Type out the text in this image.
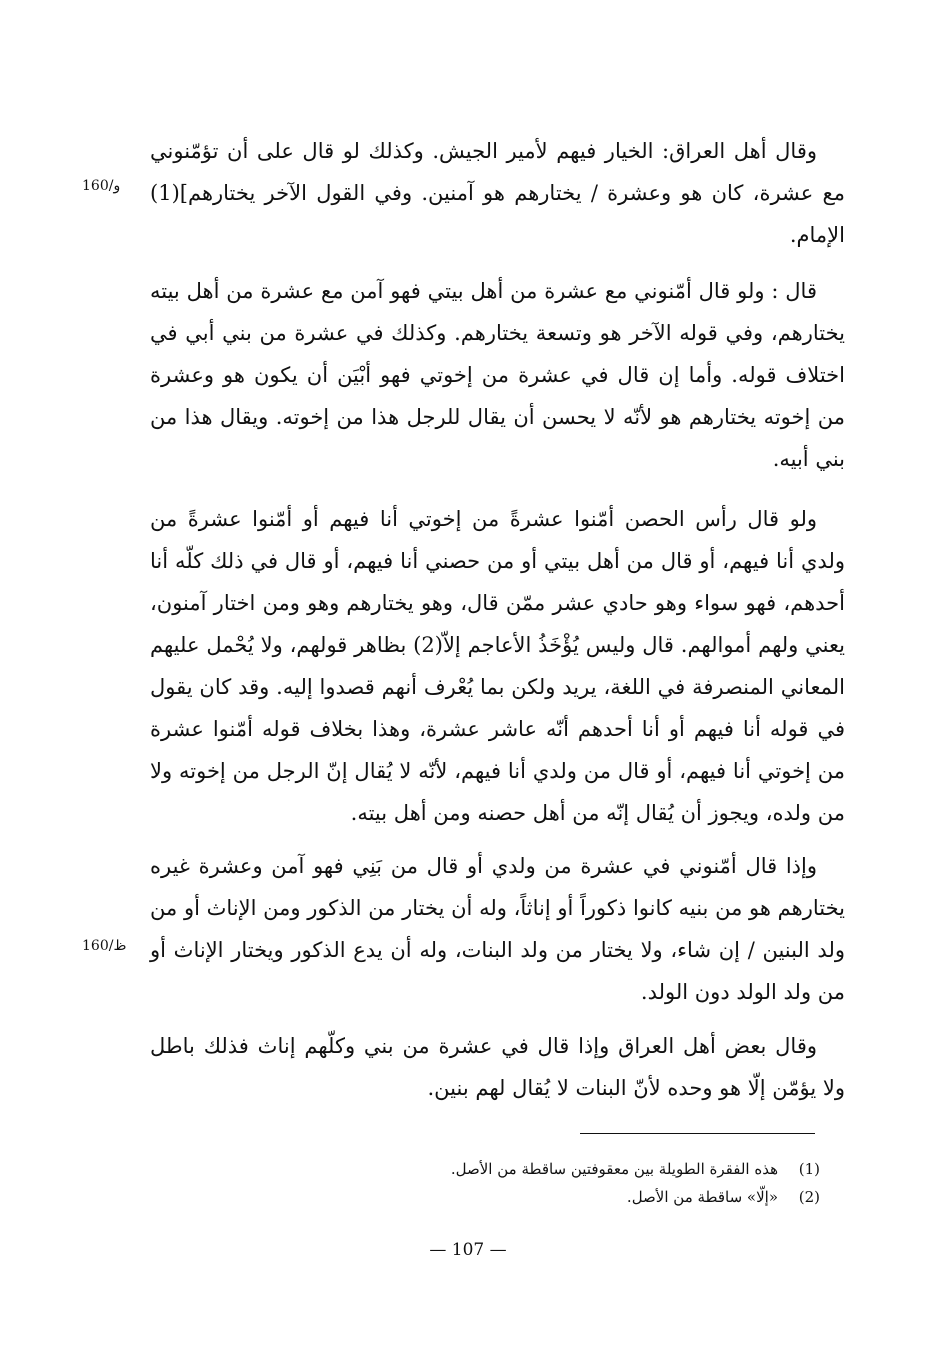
وقال أهل العراق: الخيار فيهم لأمير الجيش. وكذلك لو قال على أن تؤمّنوني مع عشرة، كان هو وعشرة / يختارهم هو آمنين. وفي القول الآخر يختارهم](1) الإمام.

قال : ولو قال أمّنوني مع عشرة من أهل بيتي فهو آمن مع عشرة من أهل بيته يختارهم، وفي قوله الآخر هو وتسعة يختارهم. وكذلك في عشرة من بني أبي في اختلاف قوله. وأما إن قال في عشرة من إخوتي فهو أبْيَن أن يكون هو وعشرة من إخوته يختارهم هو لأنّه لا يحسن أن يقال للرجل هذا من إخوته. ويقال هذا من بني أبيه.

ولو قال رأس الحصن أمّنوا عشرةً من إخوتي أنا فيهم أو أمّنوا عشرةً من ولدي أنا فيهم، أو قال من أهل بيتي أو من حصني أنا فيهم، أو قال في ذلك كلّه أنا أحدهم، فهو سواء وهو حادي عشر ممّن قال، وهو يختارهم وهو ومن اختار آمنون، يعني ولهم أموالهم. قال وليس يُؤْخَذُ الأعاجم إلاّ(2) بظاهر قولهم، ولا يُحْمل عليهم المعاني المنصرفة في اللغة، يريد ولكن بما يُعْرف أنهم قصدوا إليه. وقد كان يقول في قوله أنا فيهم أو أنا أحدهم أنّه عاشر عشرة، وهذا بخلاف قوله أمّنوا عشرة من إخوتي أنا فيهم، أو قال من ولدي أنا فيهم، لأنّه لا يُقال إنّ الرجل من إخوته ولا من ولده، ويجوز أن يُقال إنّه من أهل حصنه ومن أهل بيته.

وإذا قال أمّنوني في عشرة من ولدي أو قال من بَنِي فهو آمن وعشرة غيره يختارهم هو من بنيه كانوا ذكوراً أو إناثاً، وله أن يختار من الذكور ومن الإناث أو من ولد البنين / إن شاء، ولا يختار من ولد البنات، وله أن يدع الذكور ويختار الإناث أو من ولد الولد دون الولد.

وقال بعض أهل العراق وإذا قال في عشرة من بني وكلّهم إناث فذلك باطل ولا يؤمّن إلّا هو وحده لأنّ البنات لا يُقال لهم بنين.

160/و
160/ظ
(1)
هذه الفقرة الطويلة بين معقوفتين ساقطة من الأصل.
(2)
«إلّا» ساقطة من الأصل.
— 107 —
